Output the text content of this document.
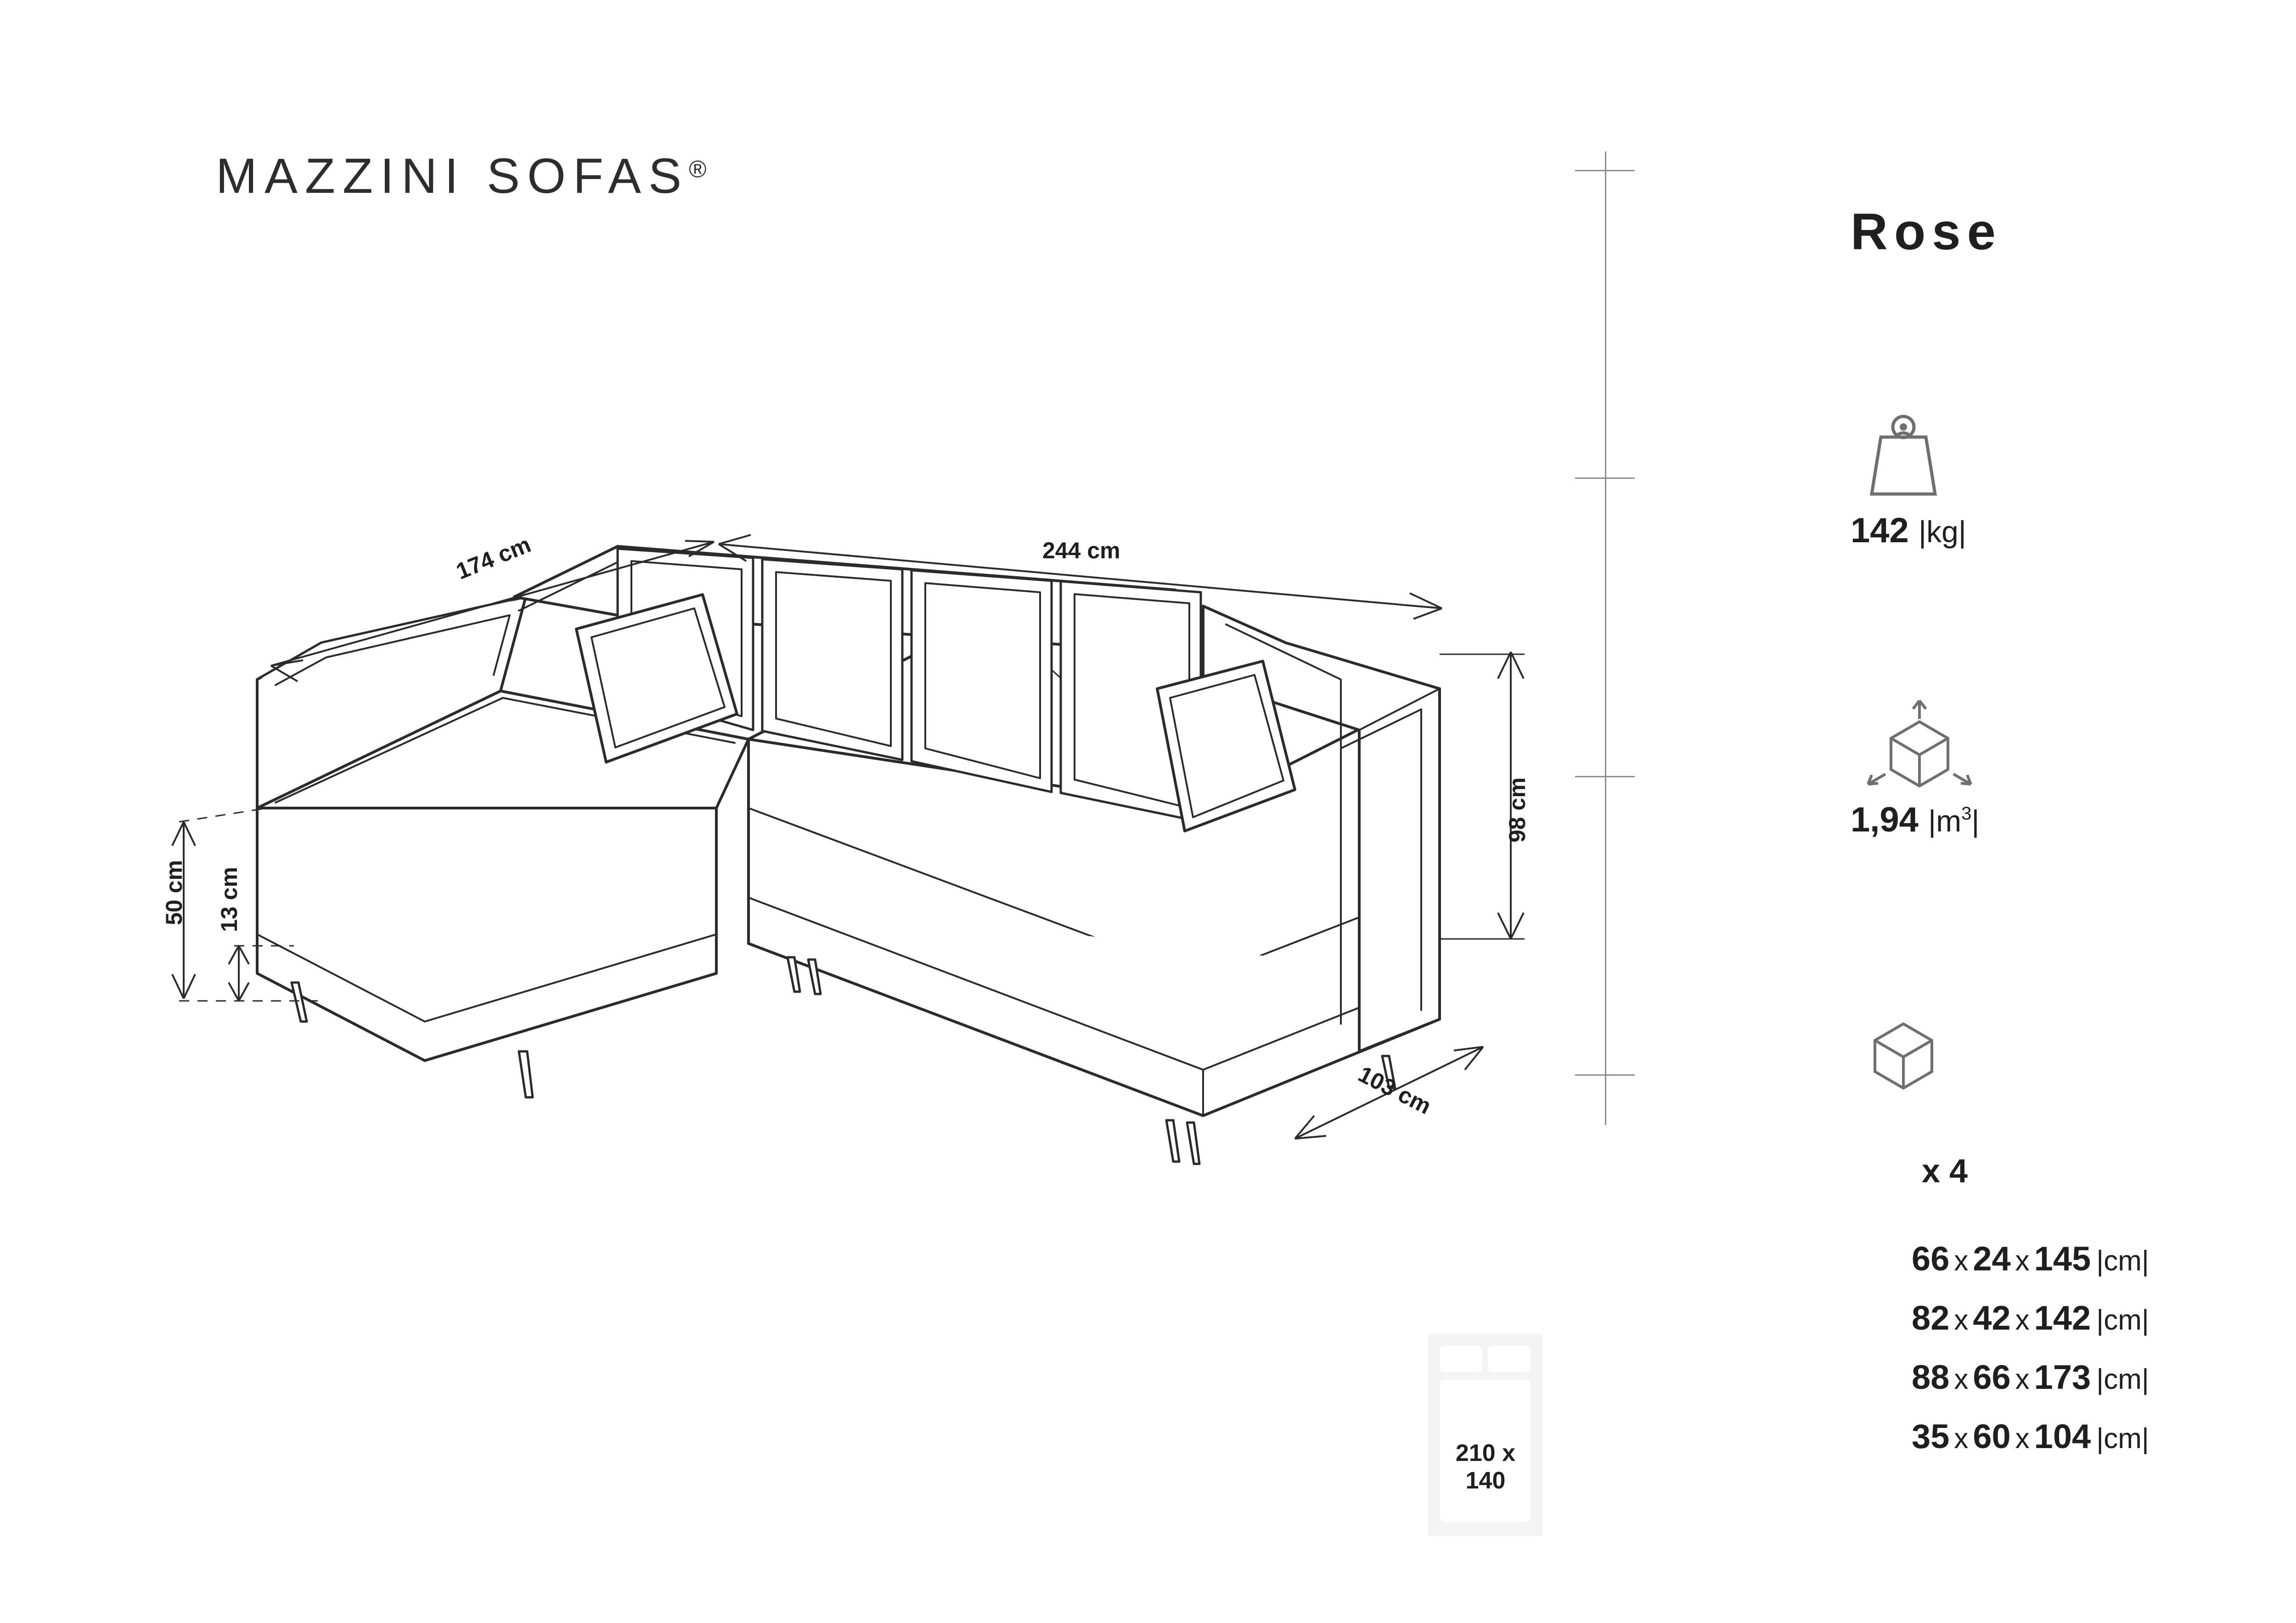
MAZZINI SOFAS®
Rose
142 |kg|
1,94 $|m^3|$
x 4
66 x 24 x 145 |cm|
82 x 42 x 142 |cm|
88 x 66 x 173 |cm|
35 x 60 x 104 |cm|
210 x 140
244 cm
174 cm
103 cm
98 cm
50 cm 13 cm
